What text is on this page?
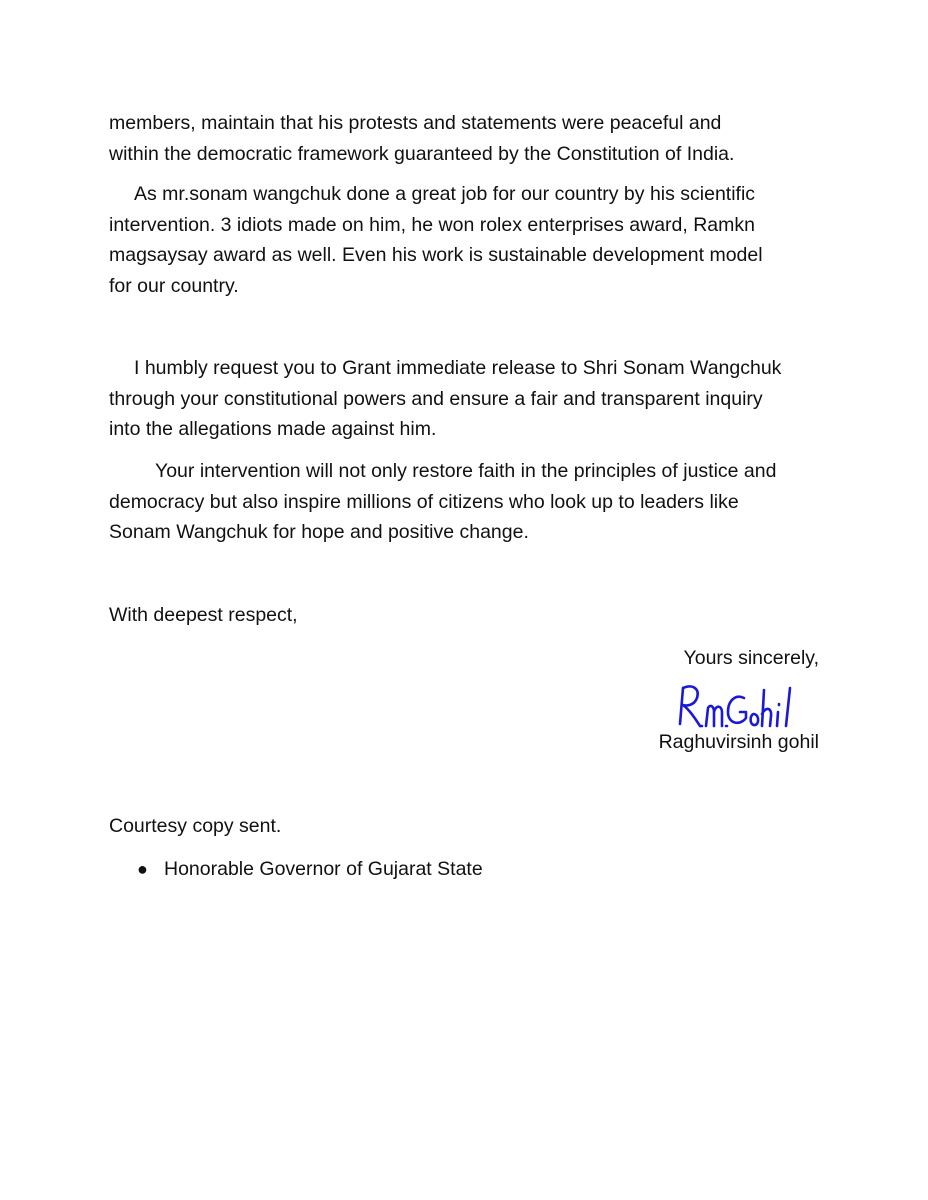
members, maintain that his protests and statements were peaceful and
within the democratic framework guaranteed by the Constitution of India.

As mr.sonam wangchuk done a great job for our country by his scientific
intervention. 3 idiots made on him, he won rolex enterprises award, Ramkn
magsaysay award as well. Even his work is sustainable development model
for our country.

I humbly request you to Grant immediate release to Shri Sonam Wangchuk
through your constitutional powers and ensure a fair and transparent inquiry
into the allegations made against him.

Your intervention will not only restore faith in the principles of justice and
democracy but also inspire millions of citizens who look up to leaders like
Sonam Wangchuk for hope and positive change.

With deepest respect,

Yours sincerely,
Raghuvirsinh gohil

Courtesy copy sent.

● Honorable Governor of Gujarat State
